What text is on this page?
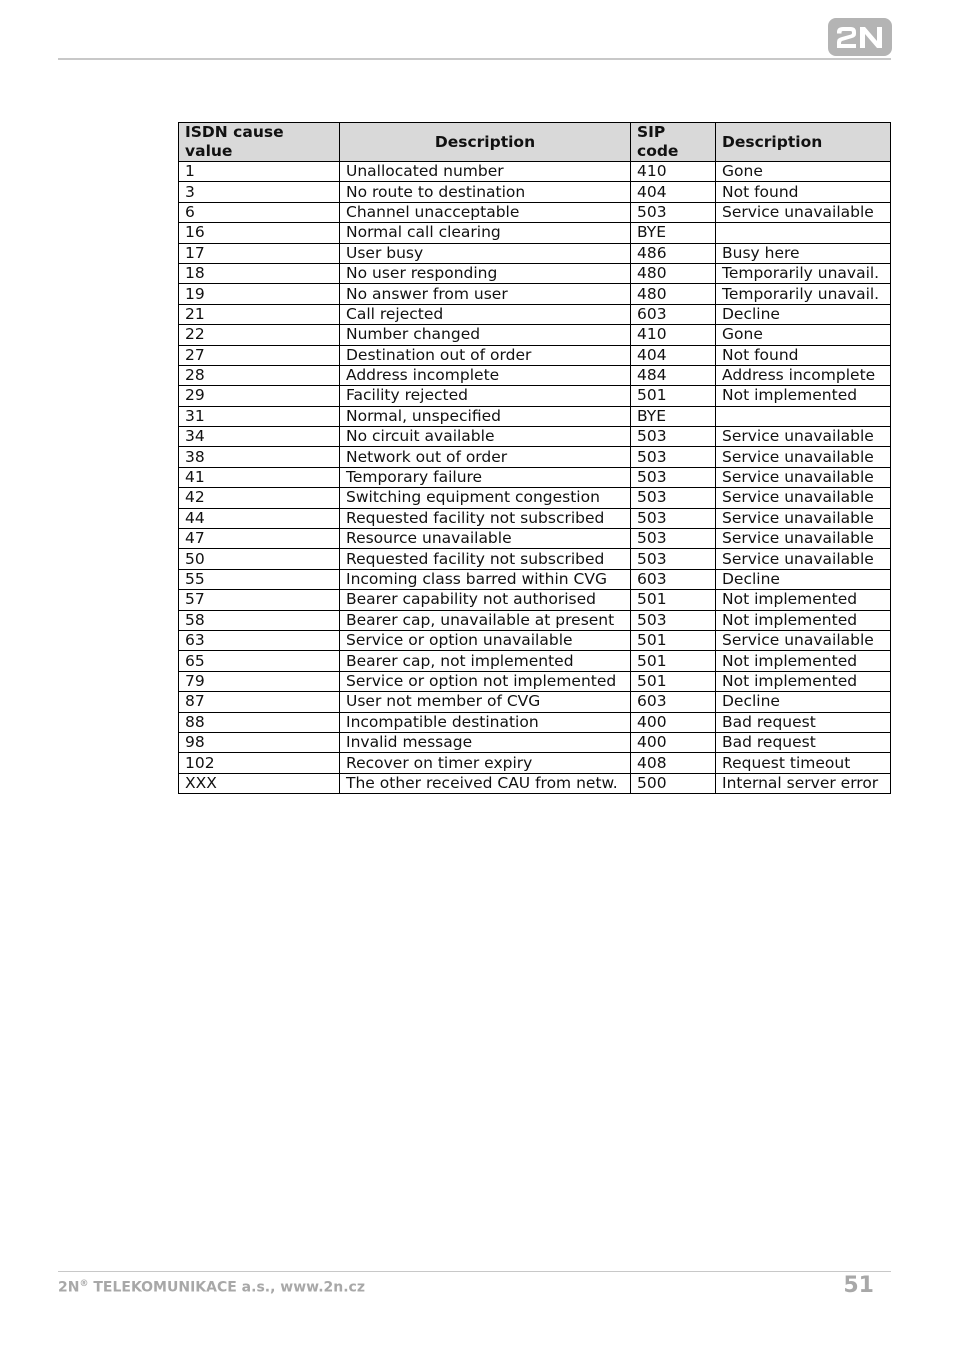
ISDN cause value	Description	SIP code	Description
1	Unallocated number	410	Gone
3	No route to destination	404	Not found
6	Channel unacceptable	503	Service unavailable
16	Normal call clearing	BYE	
17	User busy	486	Busy here
18	No user responding	480	Temporarily unavail.
19	No answer from user	480	Temporarily unavail.
21	Call rejected	603	Decline
22	Number changed	410	Gone
27	Destination out of order	404	Not found
28	Address incomplete	484	Address incomplete
29	Facility rejected	501	Not implemented
31	Normal, unspecified	BYE	
34	No circuit available	503	Service unavailable
38	Network out of order	503	Service unavailable
41	Temporary failure	503	Service unavailable
42	Switching equipment congestion	503	Service unavailable
44	Requested facility not subscribed	503	Service unavailable
47	Resource unavailable	503	Service unavailable
50	Requested facility not subscribed	503	Service unavailable
55	Incoming class barred within CVG	603	Decline
57	Bearer capability not authorised	501	Not implemented
58	Bearer cap, unavailable at present	503	Not implemented
63	Service or option unavailable	501	Service unavailable
65	Bearer cap, not implemented	501	Not implemented
79	Service or option not implemented	501	Not implemented
87	User not member of CVG	603	Decline
88	Incompatible destination	400	Bad request
98	Invalid message	400	Bad request
102	Recover on timer expiry	408	Request timeout
XXX	The other received CAU from netw.	500	Internal server error
2N® TELEKOMUNIKACE a.s., www.2n.cz	51
